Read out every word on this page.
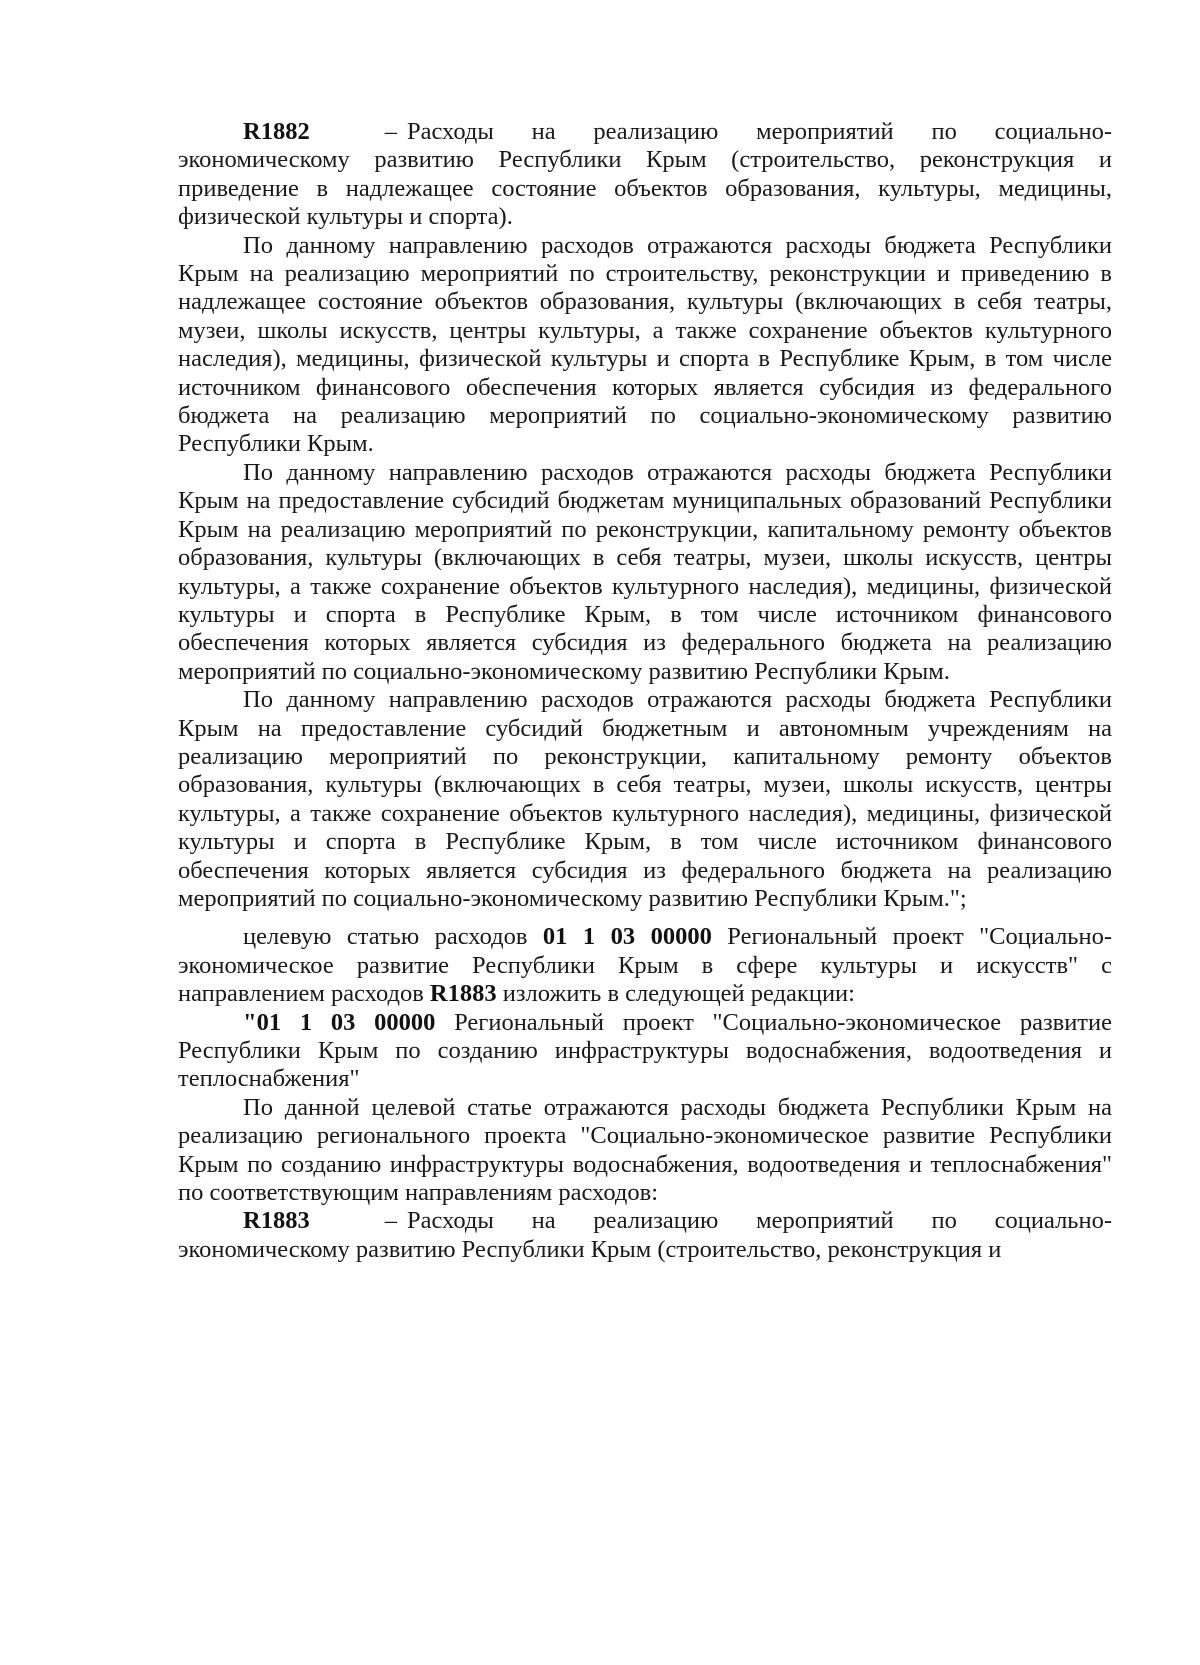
R1882	– Расходы на реализацию мероприятий по социально-экономическому развитию Республики Крым (строительство, реконструкция и приведение в надлежащее состояние объектов образования, культуры, медицины, физической культуры и спорта).

По данному направлению расходов отражаются расходы бюджета Республики Крым на реализацию мероприятий по строительству, реконструкции и приведению в надлежащее состояние объектов образования, культуры (включающих в себя театры, музеи, школы искусств, центры культуры, а также сохранение объектов культурного наследия), медицины, физической культуры и спорта в Республике Крым, в том числе источником финансового обеспечения которых является субсидия из федерального бюджета на реализацию мероприятий по социально-экономическому развитию Республики Крым.

По данному направлению расходов отражаются расходы бюджета Республики Крым на предоставление субсидий бюджетам муниципальных образований Республики Крым на реализацию мероприятий по реконструкции, капитальному ремонту объектов образования, культуры (включающих в себя театры, музеи, школы искусств, центры культуры, а также сохранение объектов культурного наследия), медицины, физической культуры и спорта в Республике Крым, в том числе источником финансового обеспечения которых является субсидия из федерального бюджета на реализацию мероприятий по социально-экономическому развитию Республики Крым.

По данному направлению расходов отражаются расходы бюджета Республики Крым на предоставление субсидий бюджетным и автономным учреждениям на реализацию мероприятий по реконструкции, капитальному ремонту объектов образования, культуры (включающих в себя театры, музеи, школы искусств, центры культуры, а также сохранение объектов культурного наследия), медицины, физической культуры и спорта в Республике Крым, в том числе источником финансового обеспечения которых является субсидия из федерального бюджета на реализацию мероприятий по социально-экономическому развитию Республики Крым.";

целевую статью расходов 01 1 03 00000 Региональный проект "Социально-экономическое развитие Республики Крым в сфере культуры и искусств" с направлением расходов R1883 изложить в следующей редакции:

"01 1 03 00000 Региональный проект "Социально-экономическое развитие Республики Крым по созданию инфраструктуры водоснабжения, водоотведения и теплоснабжения"

По данной целевой статье отражаются расходы бюджета Республики Крым на реализацию регионального проекта "Социально-экономическое развитие Республики Крым по созданию инфраструктуры водоснабжения, водоотведения и теплоснабжения" по соответствующим направлениям расходов:

R1883	– Расходы на реализацию мероприятий по социально-экономическому развитию Республики Крым (строительство, реконструкция и
